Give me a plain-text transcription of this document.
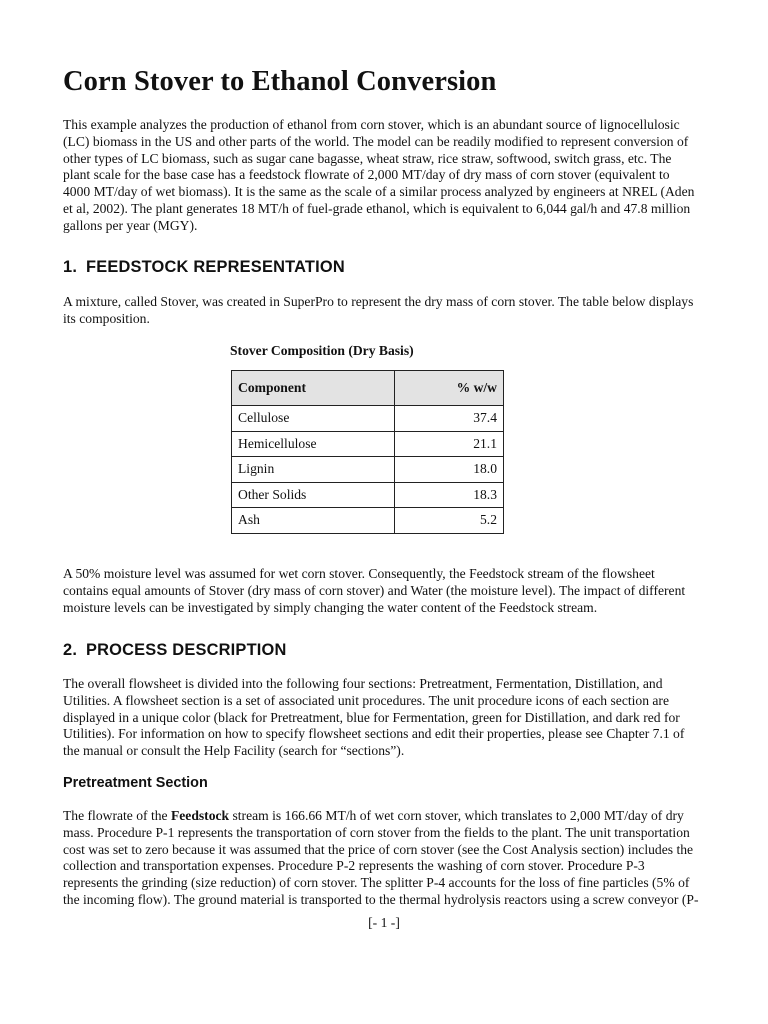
Corn Stover to Ethanol Conversion

This example analyzes the production of ethanol from corn stover, which is an abundant source of lignocellulosic
(LC) biomass in the US and other parts of the world. The model can be readily modified to represent conversion of
other types of LC biomass, such as sugar cane bagasse, wheat straw, rice straw, softwood, switch grass, etc. The
plant scale for the base case has a feedstock flowrate of 2,000 MT/day of dry mass of corn stover (equivalent to
4000 MT/day of wet biomass). It is the same as the scale of a similar process analyzed by engineers at NREL (Aden
et al, 2002). The plant generates 18 MT/h of fuel-grade ethanol, which is equivalent to 6,044 gal/h and 47.8 million
gallons per year (MGY).

1. FEEDSTOCK REPRESENTATION

A mixture, called Stover, was created in SuperPro to represent the dry mass of corn stover. The table below displays
its composition.

Stover Composition (Dry Basis)

Component	% w/w
Cellulose	37.4
Hemicellulose	21.1
Lignin	18.0
Other Solids	18.3
Ash	5.2

A 50% moisture level was assumed for wet corn stover. Consequently, the Feedstock stream of the flowsheet
contains equal amounts of Stover (dry mass of corn stover) and Water (the moisture level). The impact of different
moisture levels can be investigated by simply changing the water content of the Feedstock stream.

2. PROCESS DESCRIPTION

The overall flowsheet is divided into the following four sections: Pretreatment, Fermentation, Distillation, and
Utilities. A flowsheet section is a set of associated unit procedures. The unit procedure icons of each section are
displayed in a unique color (black for Pretreatment, blue for Fermentation, green for Distillation, and dark red for
Utilities). For information on how to specify flowsheet sections and edit their properties, please see Chapter 7.1 of
the manual or consult the Help Facility (search for “sections”).

Pretreatment Section

The flowrate of the Feedstock stream is 166.66 MT/h of wet corn stover, which translates to 2,000 MT/day of dry
mass. Procedure P-1 represents the transportation of corn stover from the fields to the plant. The unit transportation
cost was set to zero because it was assumed that the price of corn stover (see the Cost Analysis section) includes the
collection and transportation expenses. Procedure P-2 represents the washing of corn stover. Procedure P-3
represents the grinding (size reduction) of corn stover. The splitter P-4 accounts for the loss of fine particles (5% of
the incoming flow). The ground material is transported to the thermal hydrolysis reactors using a screw conveyor (P-

[- 1 -]
